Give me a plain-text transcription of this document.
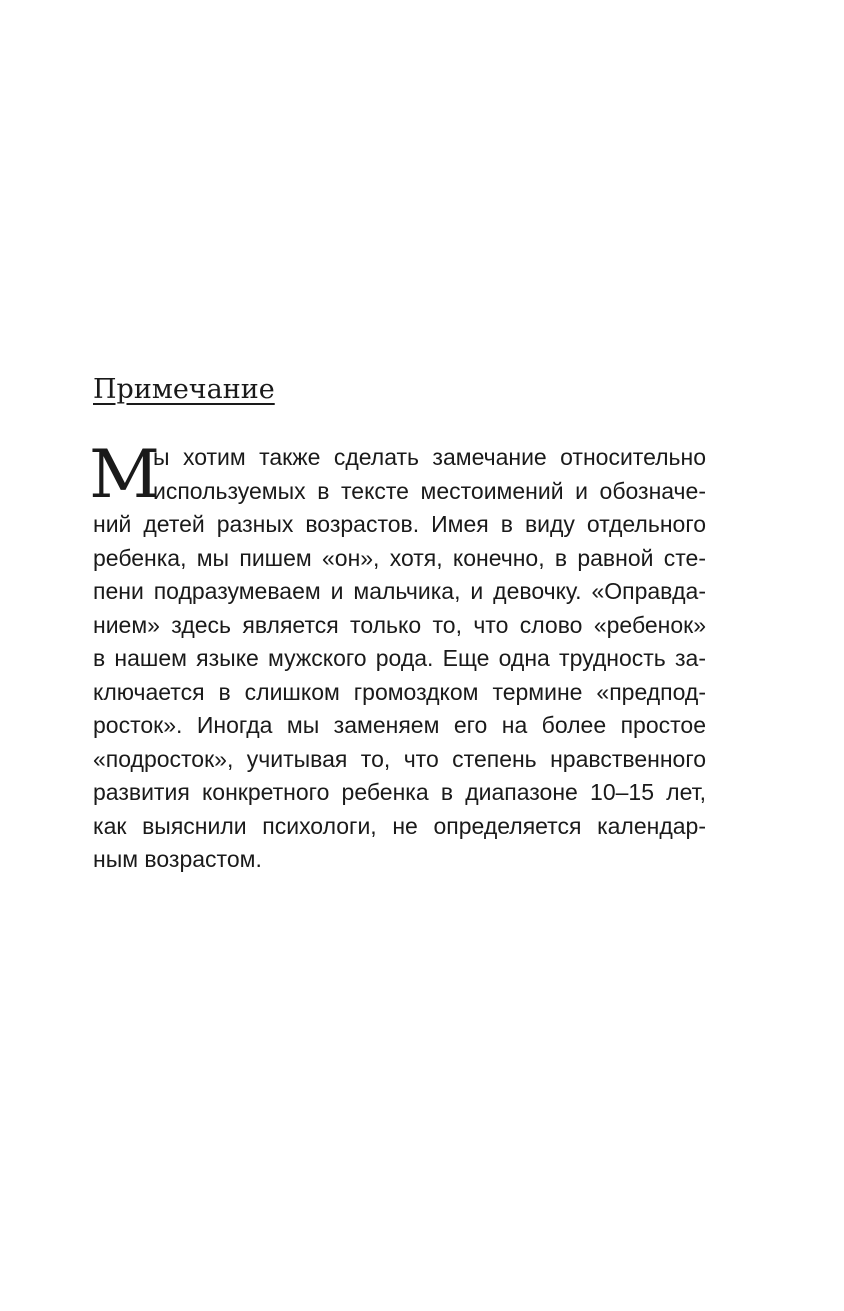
Примечание
М
ы хотим также сделать замечание относительно
используемых в тексте местоимений и обозначе-
ний детей разных возрастов. Имея в виду отдельного
ребенка, мы пишем «он», хотя, конечно, в равной сте-
пени подразумеваем и мальчика, и девочку. «Оправда-
нием» здесь является только то, что слово «ребенок»
в нашем языке мужского рода. Еще одна трудность за-
ключается в слишком громоздком термине «предпод-
росток». Иногда мы заменяем его на более простое
«подросток», учитывая то, что степень нравственного
развития конкретного ребенка в диапазоне 10–15 лет,
как выяснили психологи, не определяется календар-
ным возрастом.
